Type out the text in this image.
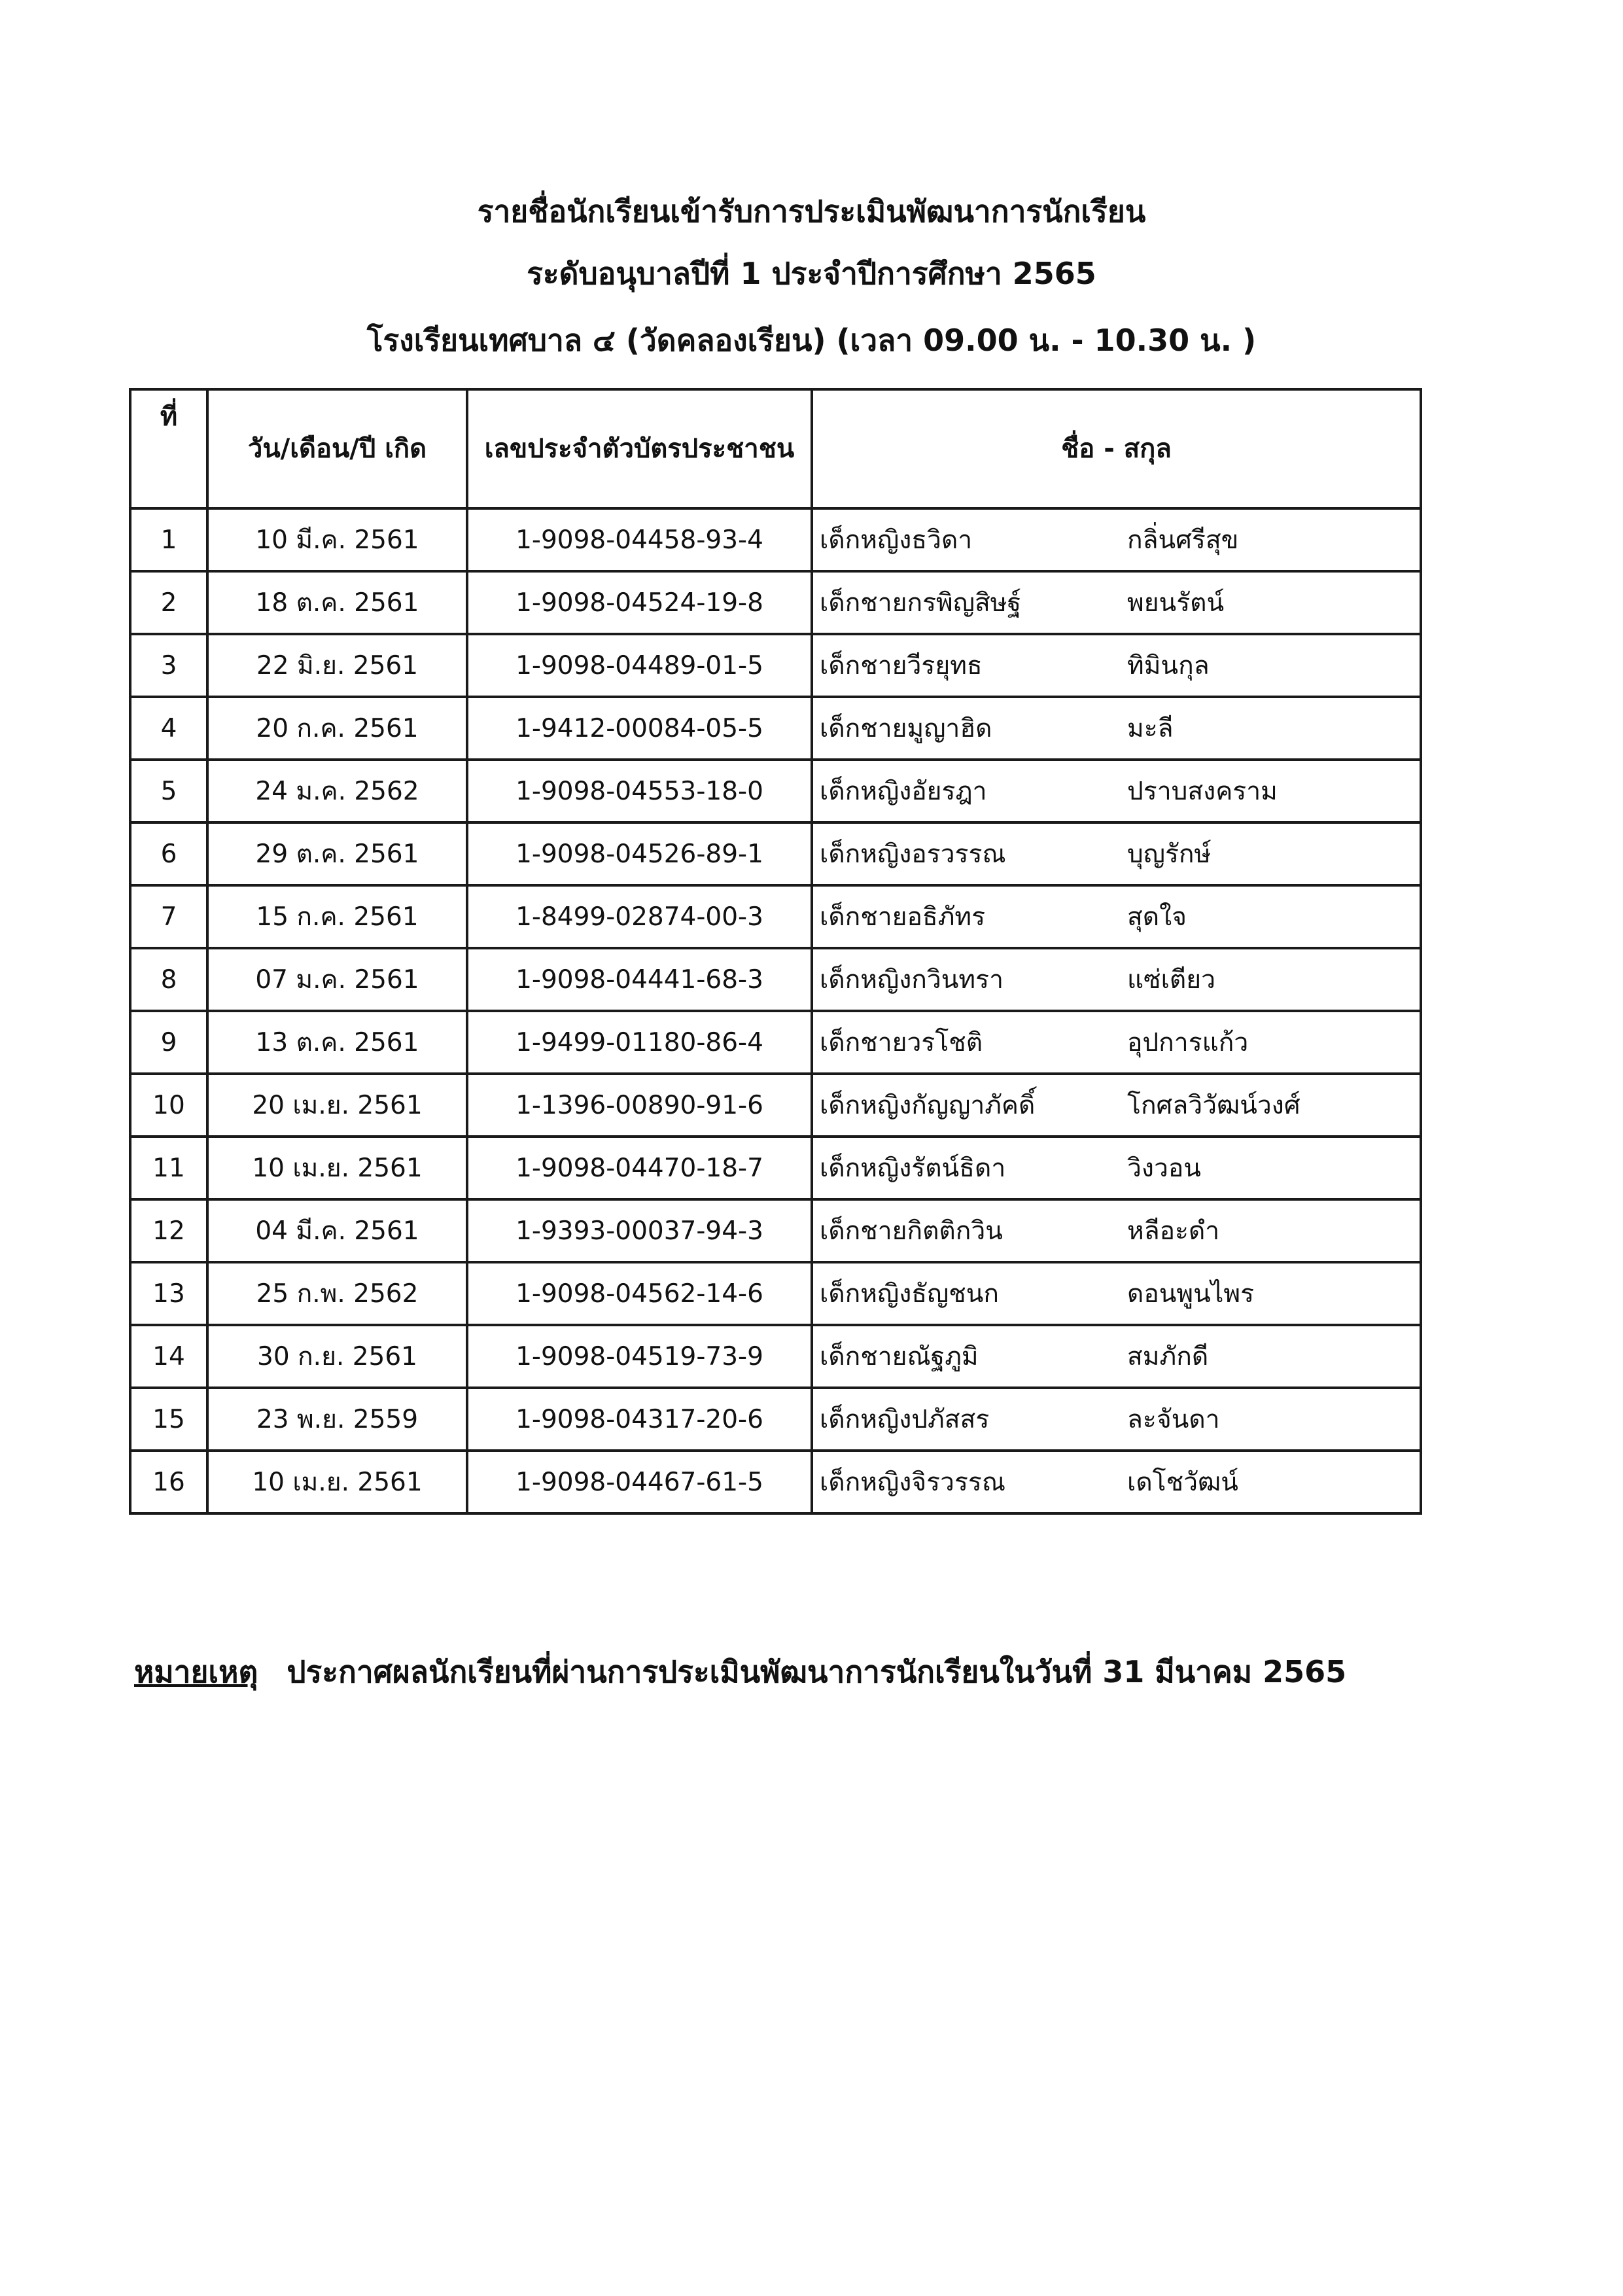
รายชื่อนักเรียนเข้ารับการประเมินพัฒนาการนักเรียน
ระดับอนุบาลปีที่ 1 ประจำปีการศึกษา 2565
โรงเรียนเทศบาล ๔ (วัดคลองเรียน) (เวลา 09.00 น. - 10.30 น. )
ที่	วัน/เดือน/ปี เกิด	เลขประจำตัวบัตรประชาชน	ชื่อ - สกุล
1	10 มี.ค. 2561	1-9098-04458-93-4	เด็กหญิงธวิดา กลิ่นศรีสุข
2	18 ต.ค. 2561	1-9098-04524-19-8	เด็กชายกรพิญสิษฐ์ พยนรัตน์
3	22 มิ.ย. 2561	1-9098-04489-01-5	เด็กชายวีรยุทธ ทิมินกุล
4	20 ก.ค. 2561	1-9412-00084-05-5	เด็กชายมูญาฮิด มะลี
5	24 ม.ค. 2562	1-9098-04553-18-0	เด็กหญิงอัยรฎา ปราบสงคราม
6	29 ต.ค. 2561	1-9098-04526-89-1	เด็กหญิงอรวรรณ บุญรักษ์
7	15 ก.ค. 2561	1-8499-02874-00-3	เด็กชายอธิภัทร สุดใจ
8	07 ม.ค. 2561	1-9098-04441-68-3	เด็กหญิงกวินทรา แซ่เตียว
9	13 ต.ค. 2561	1-9499-01180-86-4	เด็กชายวรโชติ อุปการแก้ว
10	20 เม.ย. 2561	1-1396-00890-91-6	เด็กหญิงกัญญาภัคดิ์ โกศลวิวัฒน์วงศ์
11	10 เม.ย. 2561	1-9098-04470-18-7	เด็กหญิงรัตน์ธิดา วิงวอน
12	04 มี.ค. 2561	1-9393-00037-94-3	เด็กชายกิตติกวิน หลีอะดำ
13	25 ก.พ. 2562	1-9098-04562-14-6	เด็กหญิงธัญชนก ดอนพูนไพร
14	30 ก.ย. 2561	1-9098-04519-73-9	เด็กชายณัฐภูมิ สมภักดี
15	23 พ.ย. 2559	1-9098-04317-20-6	เด็กหญิงปภัสสร ละจันดา
16	10 เม.ย. 2561	1-9098-04467-61-5	เด็กหญิงจิรวรรณ เดโชวัฒน์
หมายเหตุ ประกาศผลนักเรียนที่ผ่านการประเมินพัฒนาการนักเรียนในวันที่ 31 มีนาคม 2565
